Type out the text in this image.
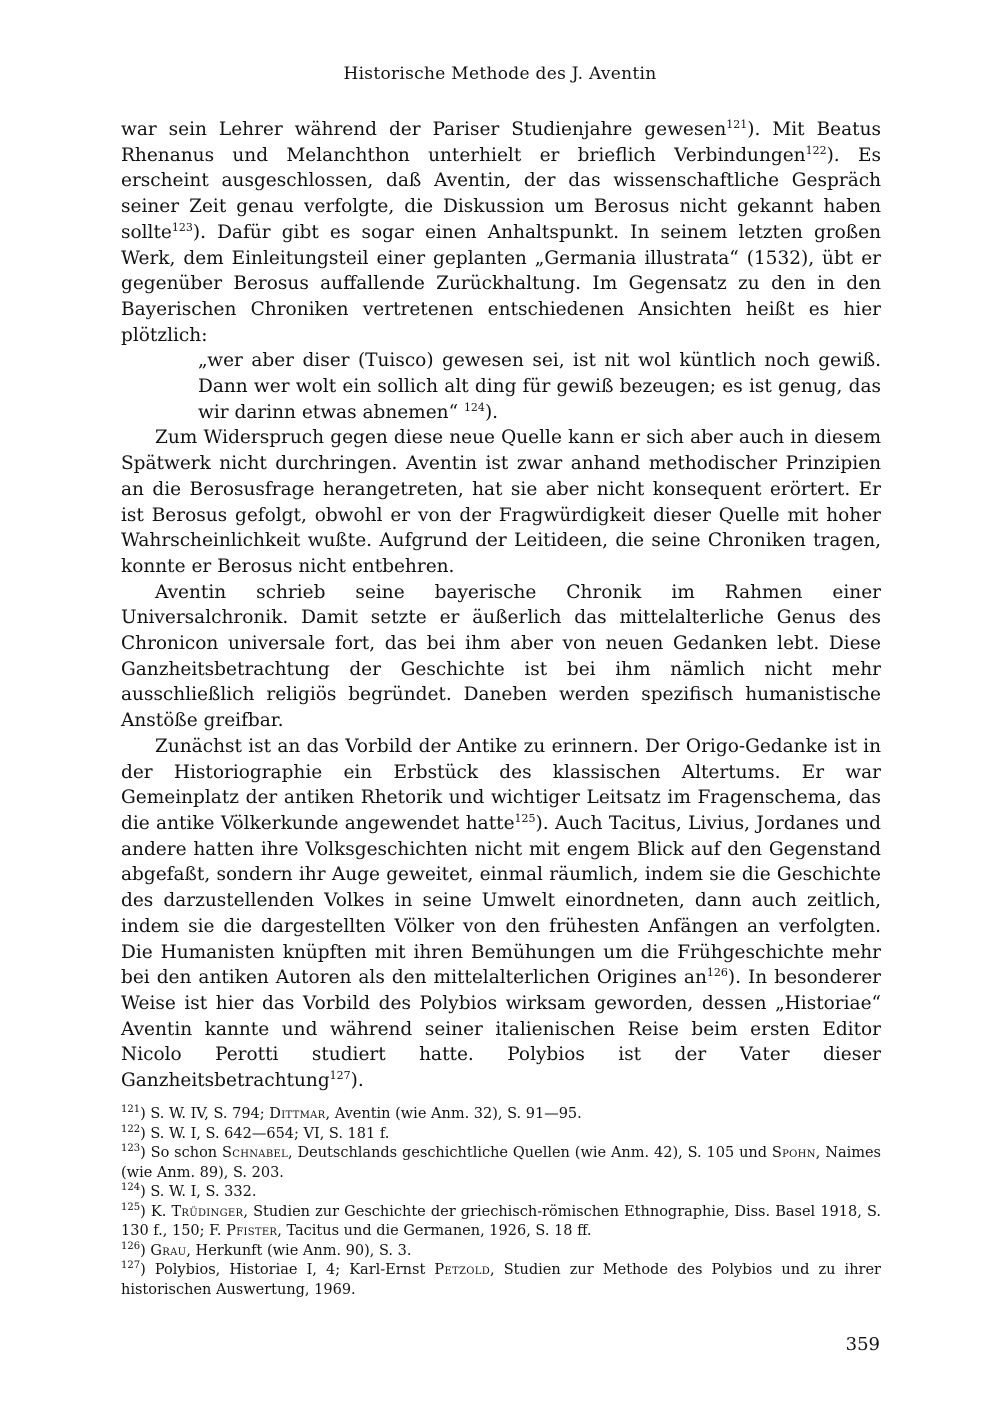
Historische Methode des J. Aventin

war sein Lehrer während der Pariser Studienjahre gewesen$^{121}$). Mit Beatus Rhenanus und Melanchthon unterhielt er brieflich Verbindungen$^{122}$). Es erscheint ausgeschlossen, daß Aventin, der das wissenschaftliche Gespräch seiner Zeit genau verfolgte, die Diskussion um Berosus nicht gekannt haben sollte$^{123}$). Dafür gibt es sogar einen Anhaltspunkt. In seinem letzten großen Werk, dem Einleitungsteil einer geplanten „Germania illustrata“ (1532), übt er gegenüber Berosus auffallende Zurückhaltung. Im Gegensatz zu den in den Bayerischen Chroniken vertretenen entschiedenen Ansichten heißt es hier plötzlich:

„wer aber diser (Tuisco) gewesen sei, ist nit wol küntlich noch gewiß. Dann wer wolt ein sollich alt ding für gewiß bezeugen; es ist genug, das wir darinn etwas abnemen“ $^{124}$).

Zum Widerspruch gegen diese neue Quelle kann er sich aber auch in diesem Spätwerk nicht durchringen. Aventin ist zwar anhand methodischer Prinzipien an die Berosusfrage herangetreten, hat sie aber nicht konsequent erörtert. Er ist Berosus gefolgt, obwohl er von der Fragwürdigkeit dieser Quelle mit hoher Wahrscheinlichkeit wußte. Aufgrund der Leitideen, die seine Chroniken tragen, konnte er Berosus nicht entbehren.

Aventin schrieb seine bayerische Chronik im Rahmen einer Universalchronik. Damit setzte er äußerlich das mittelalterliche Genus des Chronicon universale fort, das bei ihm aber von neuen Gedanken lebt. Diese Ganzheitsbetrachtung der Geschichte ist bei ihm nämlich nicht mehr ausschließlich religiös begründet. Daneben werden spezifisch humanistische Anstöße greifbar.

Zunächst ist an das Vorbild der Antike zu erinnern. Der Origo-Gedanke ist in der Historiographie ein Erbstück des klassischen Altertums. Er war Gemeinplatz der antiken Rhetorik und wichtiger Leitsatz im Fragenschema, das die antike Völkerkunde angewendet hatte$^{125}$). Auch Tacitus, Livius, Jordanes und andere hatten ihre Volksgeschichten nicht mit engem Blick auf den Gegenstand abgefaßt, sondern ihr Auge geweitet, einmal räumlich, indem sie die Geschichte des darzustellenden Volkes in seine Umwelt einordneten, dann auch zeitlich, indem sie die dargestellten Völker von den frühesten Anfängen an verfolgten. Die Humanisten knüpften mit ihren Bemühungen um die Frühgeschichte mehr bei den antiken Autoren als den mittelalterlichen Origines $an^{126}$). In besonderer Weise ist hier das Vorbild des Polybios wirksam geworden, dessen „Historiae“ Aventin kannte und während seiner italienischen Reise beim ersten Editor Nicolo Perotti studiert hatte. Polybios ist der Vater dieser Ganzheitsbetrachtung$^{127}$).

$^{121}$) S. W. IV, S. 794; Dittmar, Aventin (wie Anm. 32), S. 91—95.
$^{122}$) S. W. I, S. 642—654; VI, S. 181 f.
$^{123}$) So schon Schnabel, Deutschlands geschichtliche Quellen (wie Anm. 42), S. 105 und Spohn, Naimes (wie Anm. 89), S. 203.
$^{124}$) S. W. I, S. 332.
$^{125}$) K. Trüdinger, Studien zur Geschichte der griechisch-römischen Ethnographie, Diss. Basel 1918, S. 130 f., 150; F. Pfister, Tacitus und die Germanen, 1926, S. 18 ff.
$^{126}$) Grau, Herkunft (wie Anm. 90), S. 3.
$^{127}$) Polybios, Historiae I, 4; Karl-Ernst Petzold, Studien zur Methode des Polybios und zu ihrer historischen Auswertung, 1969.
359
